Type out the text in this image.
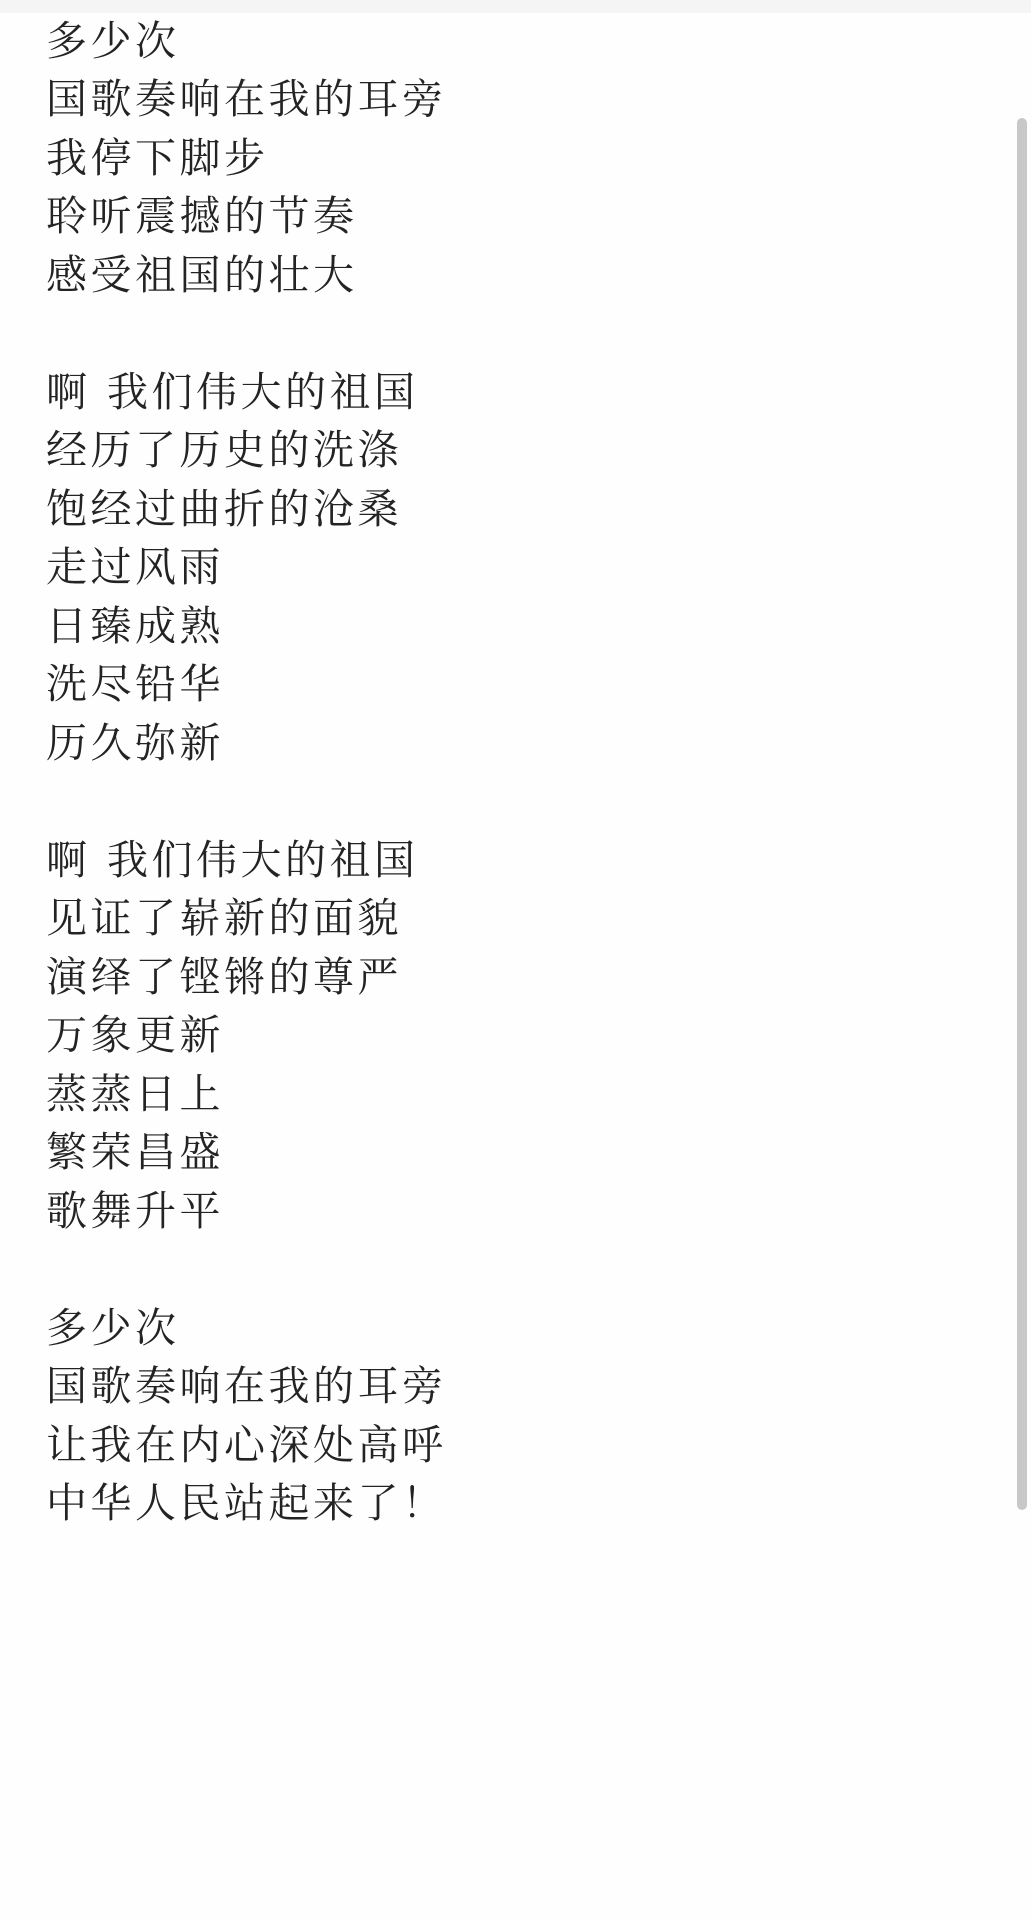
多少次
国歌奏响在我的耳旁
我停下脚步
聆听震撼的节奏
感受祖国的壮大
啊 我们伟大的祖国
经历了历史的洗涤
饱经过曲折的沧桑
走过风雨
日臻成熟
洗尽铅华
历久弥新
啊 我们伟大的祖国
见证了崭新的面貌
演绎了铿锵的尊严
万象更新
蒸蒸日上
繁荣昌盛
歌舞升平
多少次
国歌奏响在我的耳旁
让我在内心深处高呼
中华人民站起来了！
